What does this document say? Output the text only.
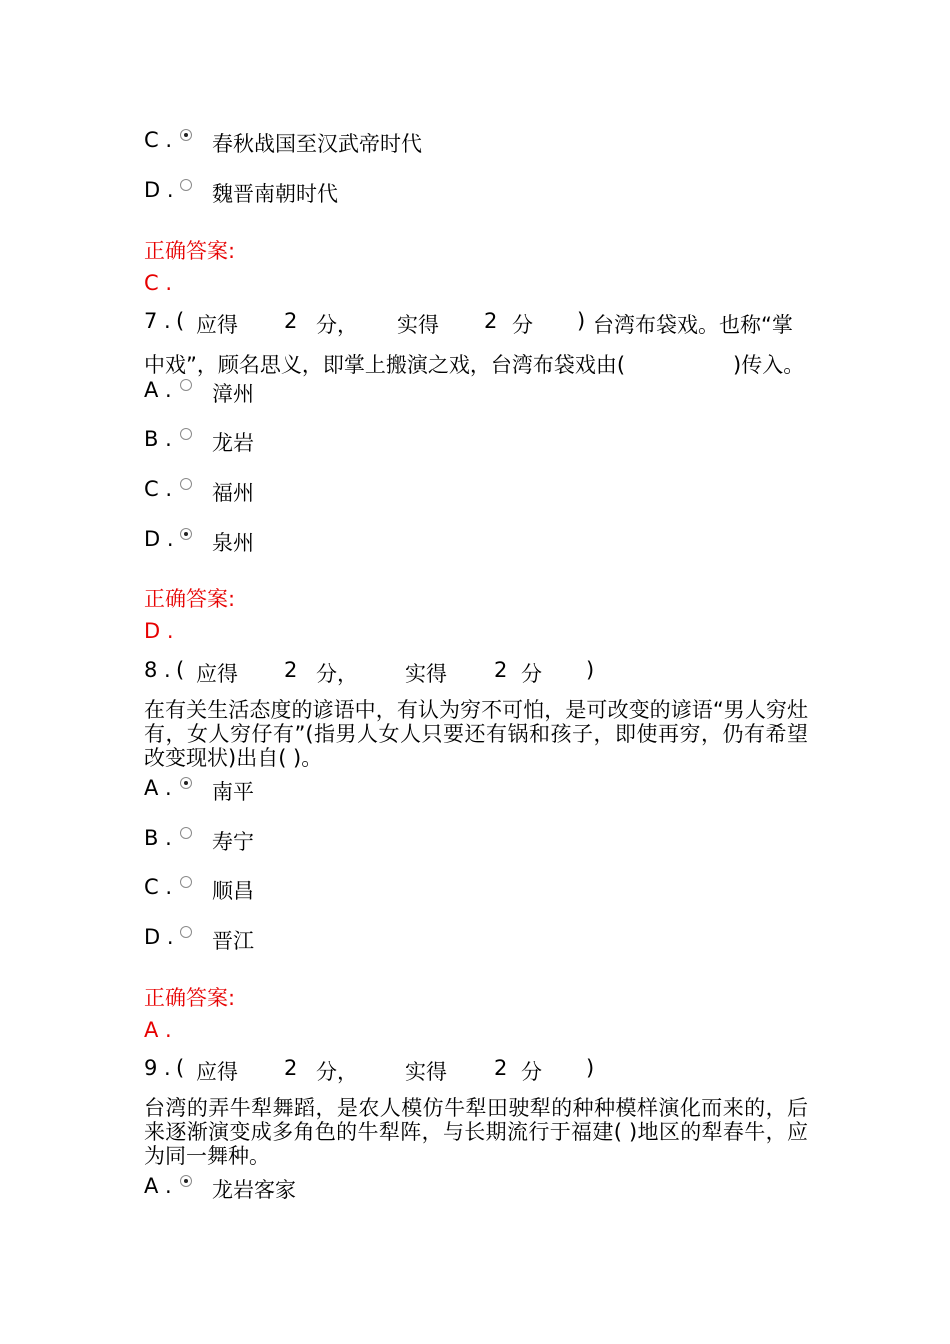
C . 春秋战国至汉武帝时代
D . 魏晋南朝时代
正确答案:
C .
7 . ( 应得 2 分， 实得 2 分 ) 台湾布袋戏。也称“掌
中戏”，顾名思义，即掌上搬演之戏，台湾布袋戏由(	)传入。
A . 漳州
B . 龙岩
C . 福州
D . 泉州
正确答案:
D .
8 . ( 应得 2 分， 实得 2 分 )
在有关生活态度的谚语中，有认为穷不可怕，是可改变的谚语“男人穷灶有，女人穷仔有”(指男人女人只要还有锅和孩子，即使再穷，仍有希望改变现状)出自( )。
A . 南平
B . 寿宁
C . 顺昌
D . 晋江
正确答案:
A .
9 . ( 应得 2 分， 实得 2 分 )
台湾的弄牛犁舞蹈，是农人模仿牛犁田驶犁的种种模样演化而来的，后来逐渐演变成多角色的牛犁阵，与长期流行于福建( )地区的犁春牛，应为同一舞种。
A . 龙岩客家
